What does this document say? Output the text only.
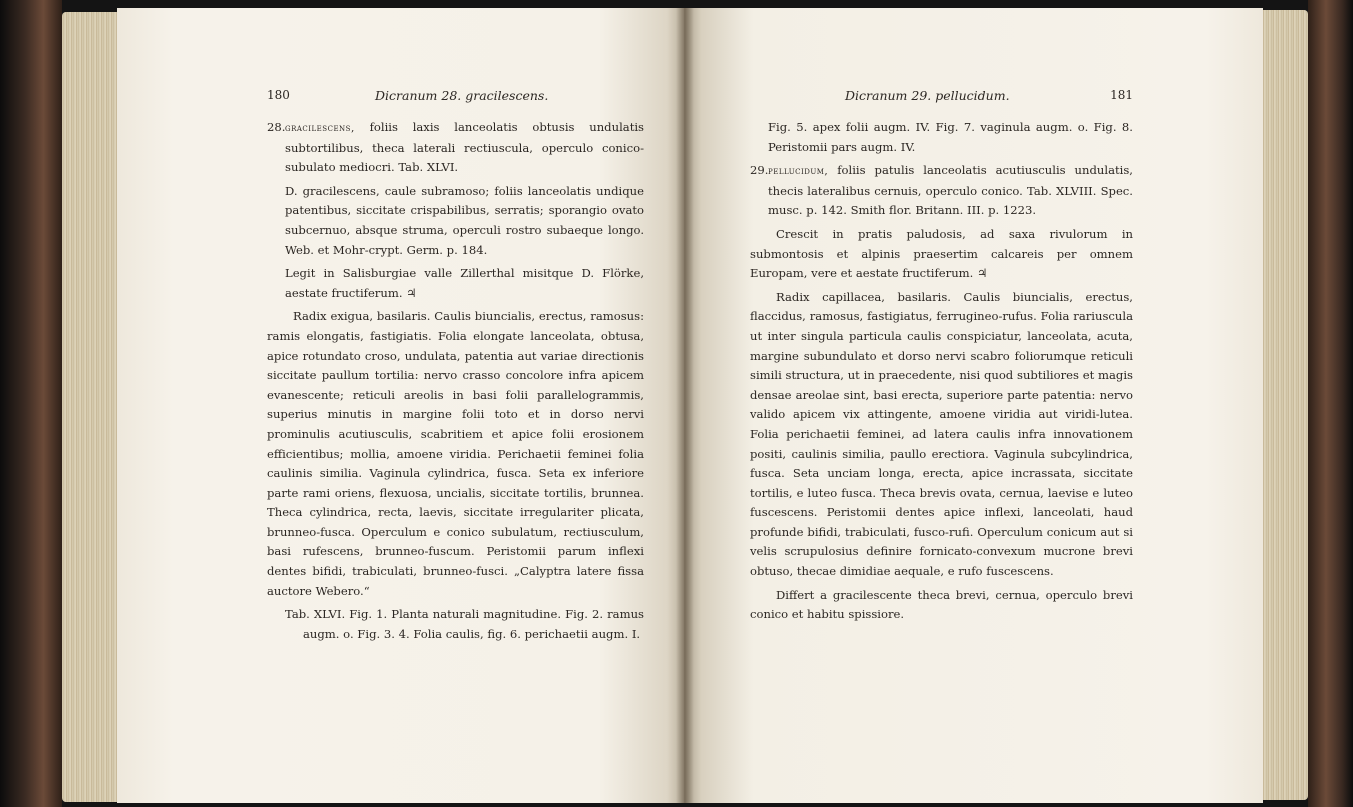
180	Dicranum 28. gracilescens.

28.gracilescens, foliis laxis lanceolatis obtusis undulatis subtortilibus, theca laterali rectiuscula, operculo conico-subulato mediocri. Tab. XLVI.

D. gracilescens, caule subramoso; foliis lanceolatis undique patentibus, siccitate crispabilibus, serratis; sporangio ovato subcernuo, absque struma, operculi rostro subaeque longo. Web. et Mohr-crypt. Germ. p. 184.

Legit in Salisburgiae valle Zillerthal misitque D. Flörke, aestate fructiferum. ♃

Radix exigua, basilaris. Caulis biuncialis, erectus, ramosus: ramis elongatis, fastigiatis. Folia elongate lanceolata, obtusa, apice rotundato croso, undulata, patentia aut variae directionis siccitate paullum tortilia: nervo crasso concolore infra apicem evanescente; reticuli areolis in basi folii parallelogrammis, superius minutis in margine folii toto et in dorso nervi prominulis acutiusculis, scabritiem et apice folii erosionem efficientibus; mollia, amoene viridia. Perichaetii feminei folia caulinis similia. Vaginula cylindrica, fusca. Seta ex inferiore parte rami oriens, flexuosa, uncialis, siccitate tortilis, brunnea. Theca cylindrica, recta, laevis, siccitate irregulariter plicata, brunneo-fusca. Operculum e conico subulatum, rectiusculum, basi rufescens, brunneo-fuscum. Peristomii parum inflexi dentes bifidi, trabiculati, brunneo-fusci. „Calyptra latere fissa auctore Webero.“

Tab. XLVI. Fig. 1. Planta naturali magnitudine. Fig. 2. ramus augm. o. Fig. 3. 4. Folia caulis, fig. 6. perichaetii augm. I.

Dicranum 29. pellucidum.	181

Fig. 5. apex folii augm. IV. Fig. 7. vaginula augm. o. Fig. 8. Peristomii pars augm. IV.

29.pellucidum, foliis patulis lanceolatis acutiusculis undulatis, thecis lateralibus cernuis, operculo conico. Tab. XLVIII. Spec. musc. p. 142. Smith flor. Britann. III. p. 1223.

Crescit in pratis paludosis, ad saxa rivulorum in submontosis et alpinis praesertim calcareis per omnem Europam, vere et aestate fructiferum. ♃

Radix capillacea, basilaris. Caulis biuncialis, erectus, flaccidus, ramosus, fastigiatus, ferrugineo-rufus. Folia rariuscula ut inter singula particula caulis conspiciatur, lanceolata, acuta, margine subundulato et dorso nervi scabro foliorumque reticuli simili structura, ut in praecedente, nisi quod subtiliores et magis densae areolae sint, basi erecta, superiore parte patentia: nervo valido apicem vix attingente, amoene viridia aut viridi-lutea. Folia perichaetii feminei, ad latera caulis infra innovationem positi, caulinis similia, paullo erectiora. Vaginula subcylindrica, fusca. Seta unciam longa, erecta, apice incrassata, siccitate tortilis, e luteo fusca. Theca brevis ovata, cernua, laevise e luteo fuscescens. Peristomii dentes apice inflexi, lanceolati, haud profunde bifidi, trabiculati, fusco-rufi. Operculum conicum aut si velis scrupulosius definire fornicato-convexum mucrone brevi obtuso, thecae dimidiae aequale, e rufo fuscescens.

Differt a gracilescente theca brevi, cernua, operculo brevi conico et habitu spissiore.
